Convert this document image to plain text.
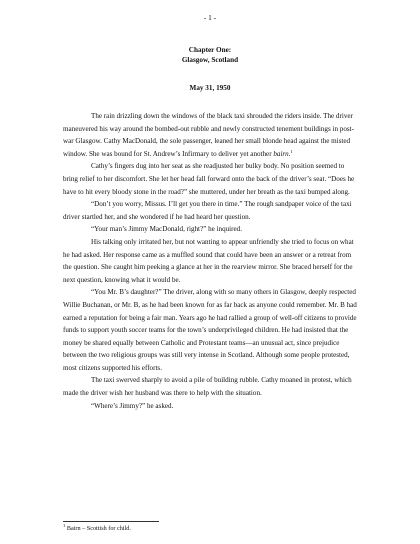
- 1 -
Chapter One:
Glasgow, Scotland
May 31, 1950

The rain drizzling down the windows of the black taxi shrouded the riders inside. The driver maneuvered his way around the bombed-out rubble and newly constructed tenement buildings in post-war Glasgow. Cathy MacDonald, the sole passenger, leaned her small blonde head against the misted window. She was bound for St. Andrew’s Infirmary to deliver yet another bairn.$^1$

Cathy’s fingers dug into her seat as she readjusted her bulky body. No position seemed to bring relief to her discomfort. She let her head fall forward onto the back of the driver’s seat. “Does he have to hit every bloody stone in the road?” she muttered, under her breath as the taxi bumped along.

“Don’t you worry, Missus. I’ll get you there in time.” The rough sandpaper voice of the taxi driver startled her, and she wondered if he had heard her question.

“Your man’s Jimmy MacDonald, right?” he inquired.

His talking only irritated her, but not wanting to appear unfriendly she tried to focus on what he had asked. Her response came as a muffled sound that could have been an answer or a retreat from the question. She caught him peeking a glance at her in the rearview mirror. She braced herself for the next question, knowing what it would be.

“You Mr. B’s daughter?” The driver, along with so many others in Glasgow, deeply respected Willie Buchanan, or Mr. B, as he had been known for as far back as anyone could remember. Mr. B had earned a reputation for being a fair man. Years ago he had rallied a group of well-off citizens to provide funds to support youth soccer teams for the town’s underprivileged children. He had insisted that the money be shared equally between Catholic and Protestant teams—an unusual act, since prejudice between the two religious groups was still very intense in Scotland. Although some people protested, most citizens supported his efforts.

The taxi swerved sharply to avoid a pile of building rubble. Cathy moaned in protest, which made the driver wish her husband was there to help with the situation.

“Where’s Jimmy?” he asked.

$^1$ Bairn – Scottish for child.
